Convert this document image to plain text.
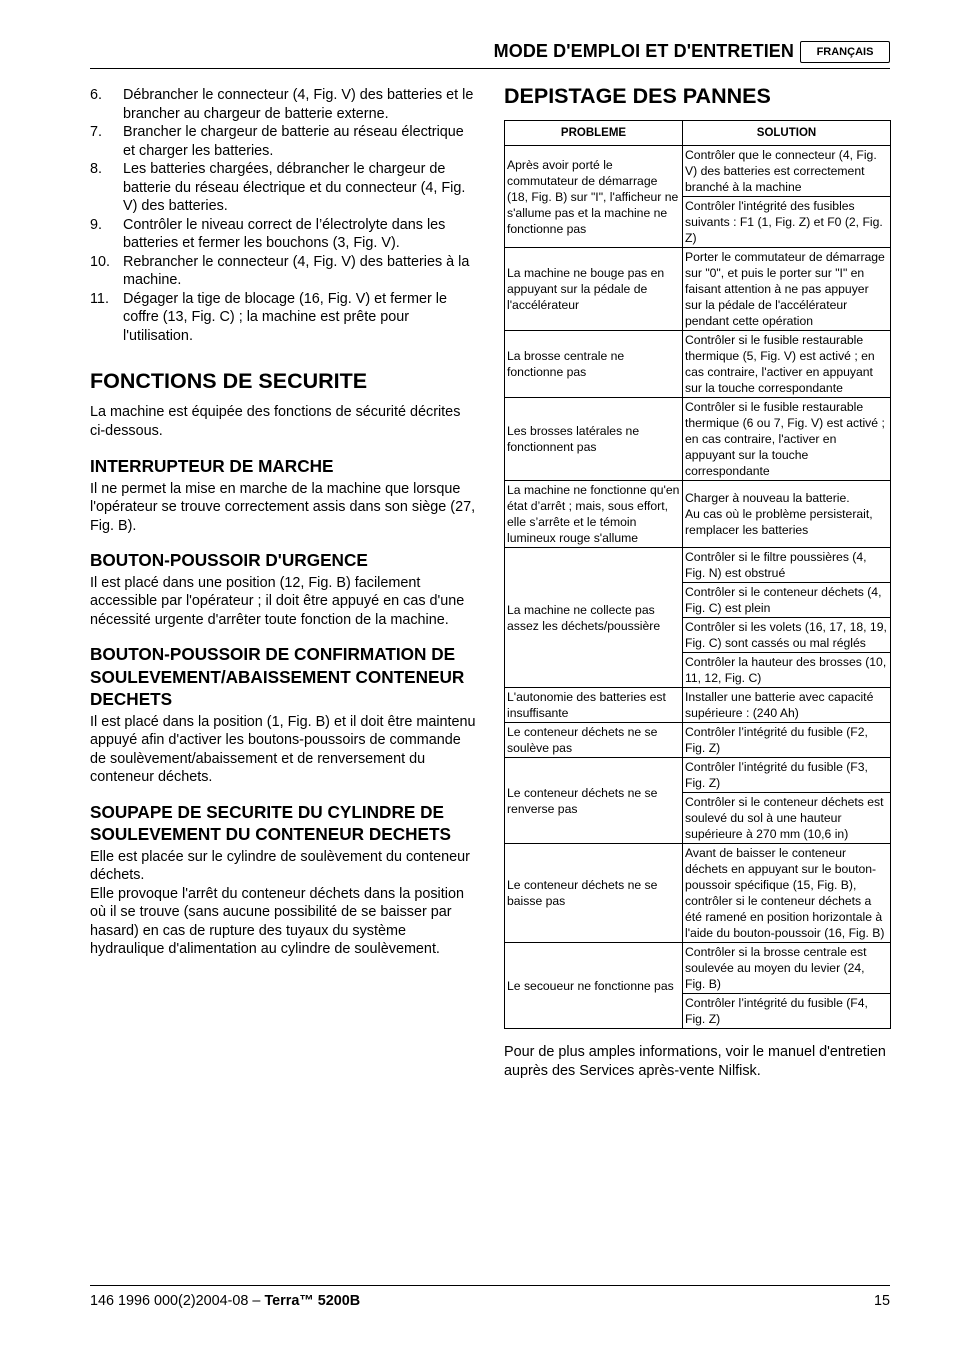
MODE D'EMPLOI ET D'ENTRETIEN	FRANÇAIS
6. Débrancher le connecteur (4, Fig. V) des batteries et le brancher au chargeur de batterie externe.
7. Brancher le chargeur de batterie au réseau électrique et charger les batteries.
8. Les batteries chargées, débrancher le chargeur de batterie du réseau électrique et du connecteur (4, Fig. V) des batteries.
9. Contrôler le niveau correct de l’électrolyte dans les batteries et fermer les bouchons (3, Fig. V).
10. Rebrancher le connecteur (4, Fig. V) des batteries à la machine.
11. Dégager la tige de blocage (16, Fig. V) et fermer le coffre (13, Fig. C) ; la machine est prête pour l'utilisation.
FONCTIONS DE SECURITE

La machine est équipée des fonctions de sécurité décrites ci-dessous.

INTERRUPTEUR DE MARCHE

Il ne permet la mise en marche de la machine que lorsque l'opérateur se trouve correctement assis dans son siège (27, Fig. B).

BOUTON-POUSSOIR D'URGENCE

Il est placé dans une position (12, Fig. B) facilement accessible par l'opérateur ; il doit être appuyé en cas d'une nécessité urgente d'arrêter toute fonction de la machine.

BOUTON-POUSSOIR DE CONFIRMATION DE SOULEVEMENT/ABAISSEMENT CONTENEUR DECHETS

Il est placé dans la position (1, Fig. B) et il doit être maintenu appuyé afin d'activer les boutons-poussoirs de commande de soulèvement/abaissement et de renversement du conteneur déchets.

SOUPAPE DE SECURITE DU CYLINDRE DE SOULEVEMENT DU CONTENEUR DECHETS

Elle est placée sur le cylindre de soulèvement du conteneur déchets.

Elle provoque l'arrêt du conteneur déchets dans la position où il se trouve (sans aucune possibilité de se baisser par hasard) en cas de rupture des tuyaux du système hydraulique d'alimentation au cylindre de soulèvement.

DEPISTAGE DES PANNES
PROBLEME	SOLUTION
Après avoir porté le commutateur de démarrage (18, Fig. B) sur "I", l'afficheur ne s'allume pas et la machine ne fonctionne pas	Contrôler que le connecteur (4, Fig. V) des batteries est correctement branché à la machine
	Contrôler l'intégrité des fusibles suivants : F1 (1, Fig. Z) et F0 (2, Fig. Z)
La machine ne bouge pas en appuyant sur la pédale de l'accélérateur	Porter le commutateur de démarrage sur "0", et puis le porter sur "I" en faisant attention à ne pas appuyer sur la pédale de l'accélérateur pendant cette opération
La brosse centrale ne fonctionne pas	Contrôler si le fusible restaurable thermique (5, Fig. V) est activé ; en cas contraire, l'activer en appuyant sur la touche correspondante
Les brosses latérales ne fonctionnent pas	Contrôler si le fusible restaurable thermique (6 ou 7, Fig. V) est activé ; en cas contraire, l'activer en appuyant sur la touche correspondante
La machine ne fonctionne qu'en état d’arrêt ; mais, sous effort, elle s’arrête et le témoin lumineux rouge s'allume	Charger à nouveau la batterie.
Au cas où le problème persisterait, remplacer les batteries
La machine ne collecte pas assez les déchets/poussière	Contrôler si le filtre poussières (4, Fig. N) est obstrué
	Contrôler si le conteneur déchets (4, Fig. C) est plein
	Contrôler si les volets (16, 17, 18, 19, Fig. C) sont cassés ou mal réglés
	Contrôler la hauteur des brosses (10, 11, 12, Fig. C)
L'autonomie des batteries est insuffisante	Installer une batterie avec capacité supérieure : (240 Ah)
Le conteneur déchets ne se soulève pas	Contrôler l’intégrité du fusible (F2, Fig. Z)
Le conteneur déchets ne se renverse pas	Contrôler l’intégrité du fusible (F3, Fig. Z)
	Contrôler si le conteneur déchets est soulevé du sol à une hauteur supérieure à 270 mm (10,6 in)
Le conteneur déchets ne se baisse pas	Avant de baisser le conteneur déchets en appuyant sur le bouton-poussoir spécifique (15, Fig. B), contrôler si le conteneur déchets a été ramené en position horizontale à l'aide du bouton-poussoir (16, Fig. B)
Le secoueur ne fonctionne pas	Contrôler si la brosse centrale est soulevée au moyen du levier (24, Fig. B)
	Contrôler l’intégrité du fusible (F4, Fig. Z)

Pour de plus amples informations, voir le manuel d'entretien auprès des Services après-vente Nilfisk.

146 1996 000(2)2004-08 – Terra™ 5200B	15
